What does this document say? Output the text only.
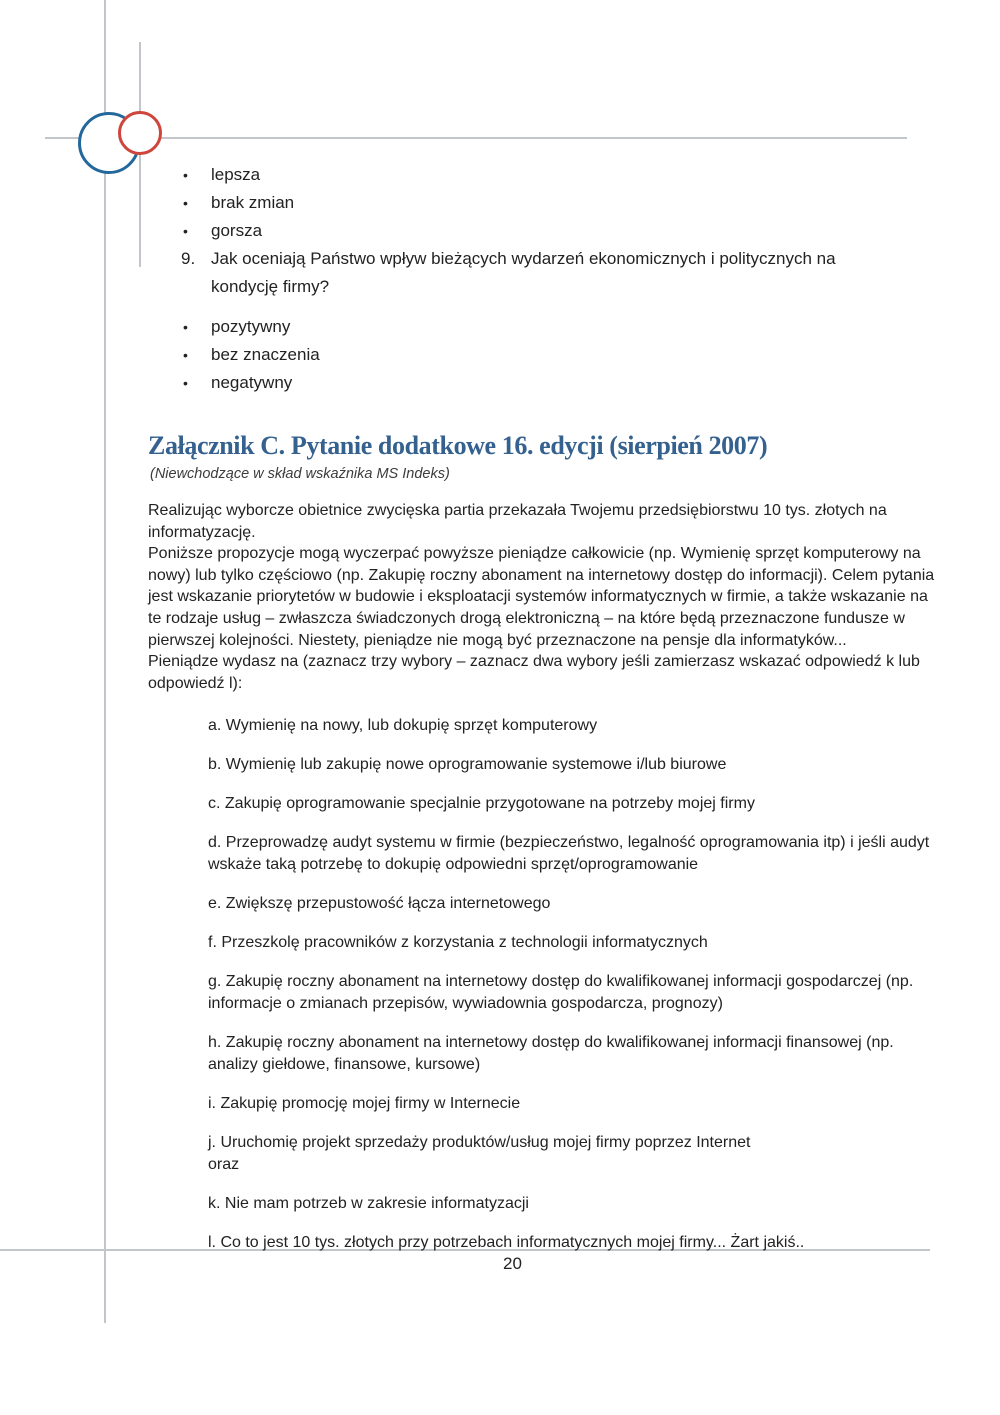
•	lepsza
•	brak zmian
•	gorsza
9. Jak oceniają Państwo wpływ bieżących wydarzeń ekonomicznych i politycznych na
kondycję firmy?
•	pozytywny
•	bez znaczenia
•	negatywny
Załącznik C. Pytanie dodatkowe 16. edycji (sierpień 2007)
(Niewchodzące w skład wskaźnika MS Indeks)
Realizując wyborcze obietnice zwycięska partia przekazała Twojemu przedsiębiorstwu 10 tys. złotych na
informatyzację.
Poniższe propozycje mogą wyczerpać powyższe pieniądze całkowicie (np. Wymienię sprzęt komputerowy na
nowy) lub tylko częściowo (np. Zakupię roczny abonament na internetowy dostęp do informacji). Celem pytania
jest wskazanie priorytetów w budowie i eksploatacji systemów informatycznych w firmie, a także wskazanie na
te rodzaje usług – zwłaszcza świadczonych drogą elektroniczną – na które będą przeznaczone fundusze w
pierwszej kolejności. Niestety, pieniądze nie mogą być przeznaczone na pensje dla informatyków...
Pieniądze wydasz na (zaznacz trzy wybory – zaznacz dwa wybory jeśli zamierzasz wskazać odpowiedź k lub
odpowiedź l):
a. Wymienię na nowy, lub dokupię sprzęt komputerowy
b. Wymienię lub zakupię nowe oprogramowanie systemowe i/lub biurowe
c. Zakupię oprogramowanie specjalnie przygotowane na potrzeby mojej firmy
d. Przeprowadzę audyt systemu w firmie (bezpieczeństwo, legalność oprogramowania itp) i jeśli audyt
wskaże taką potrzebę to dokupię odpowiedni sprzęt/oprogramowanie
e. Zwiększę przepustowość łącza internetowego
f. Przeszkolę pracowników z korzystania z technologii informatycznych
g. Zakupię roczny abonament na internetowy dostęp do kwalifikowanej informacji gospodarczej (np.
informacje o zmianach przepisów, wywiadownia gospodarcza, prognozy)
h. Zakupię roczny abonament na internetowy dostęp do kwalifikowanej informacji finansowej (np.
analizy giełdowe, finansowe, kursowe)
i. Zakupię promocję mojej firmy w Internecie
j. Uruchomię projekt sprzedaży produktów/usług mojej firmy poprzez Internet
oraz
k. Nie mam potrzeb w zakresie informatyzacji
l. Co to jest 10 tys. złotych przy potrzebach informatycznych mojej firmy... Żart jakiś..
20
